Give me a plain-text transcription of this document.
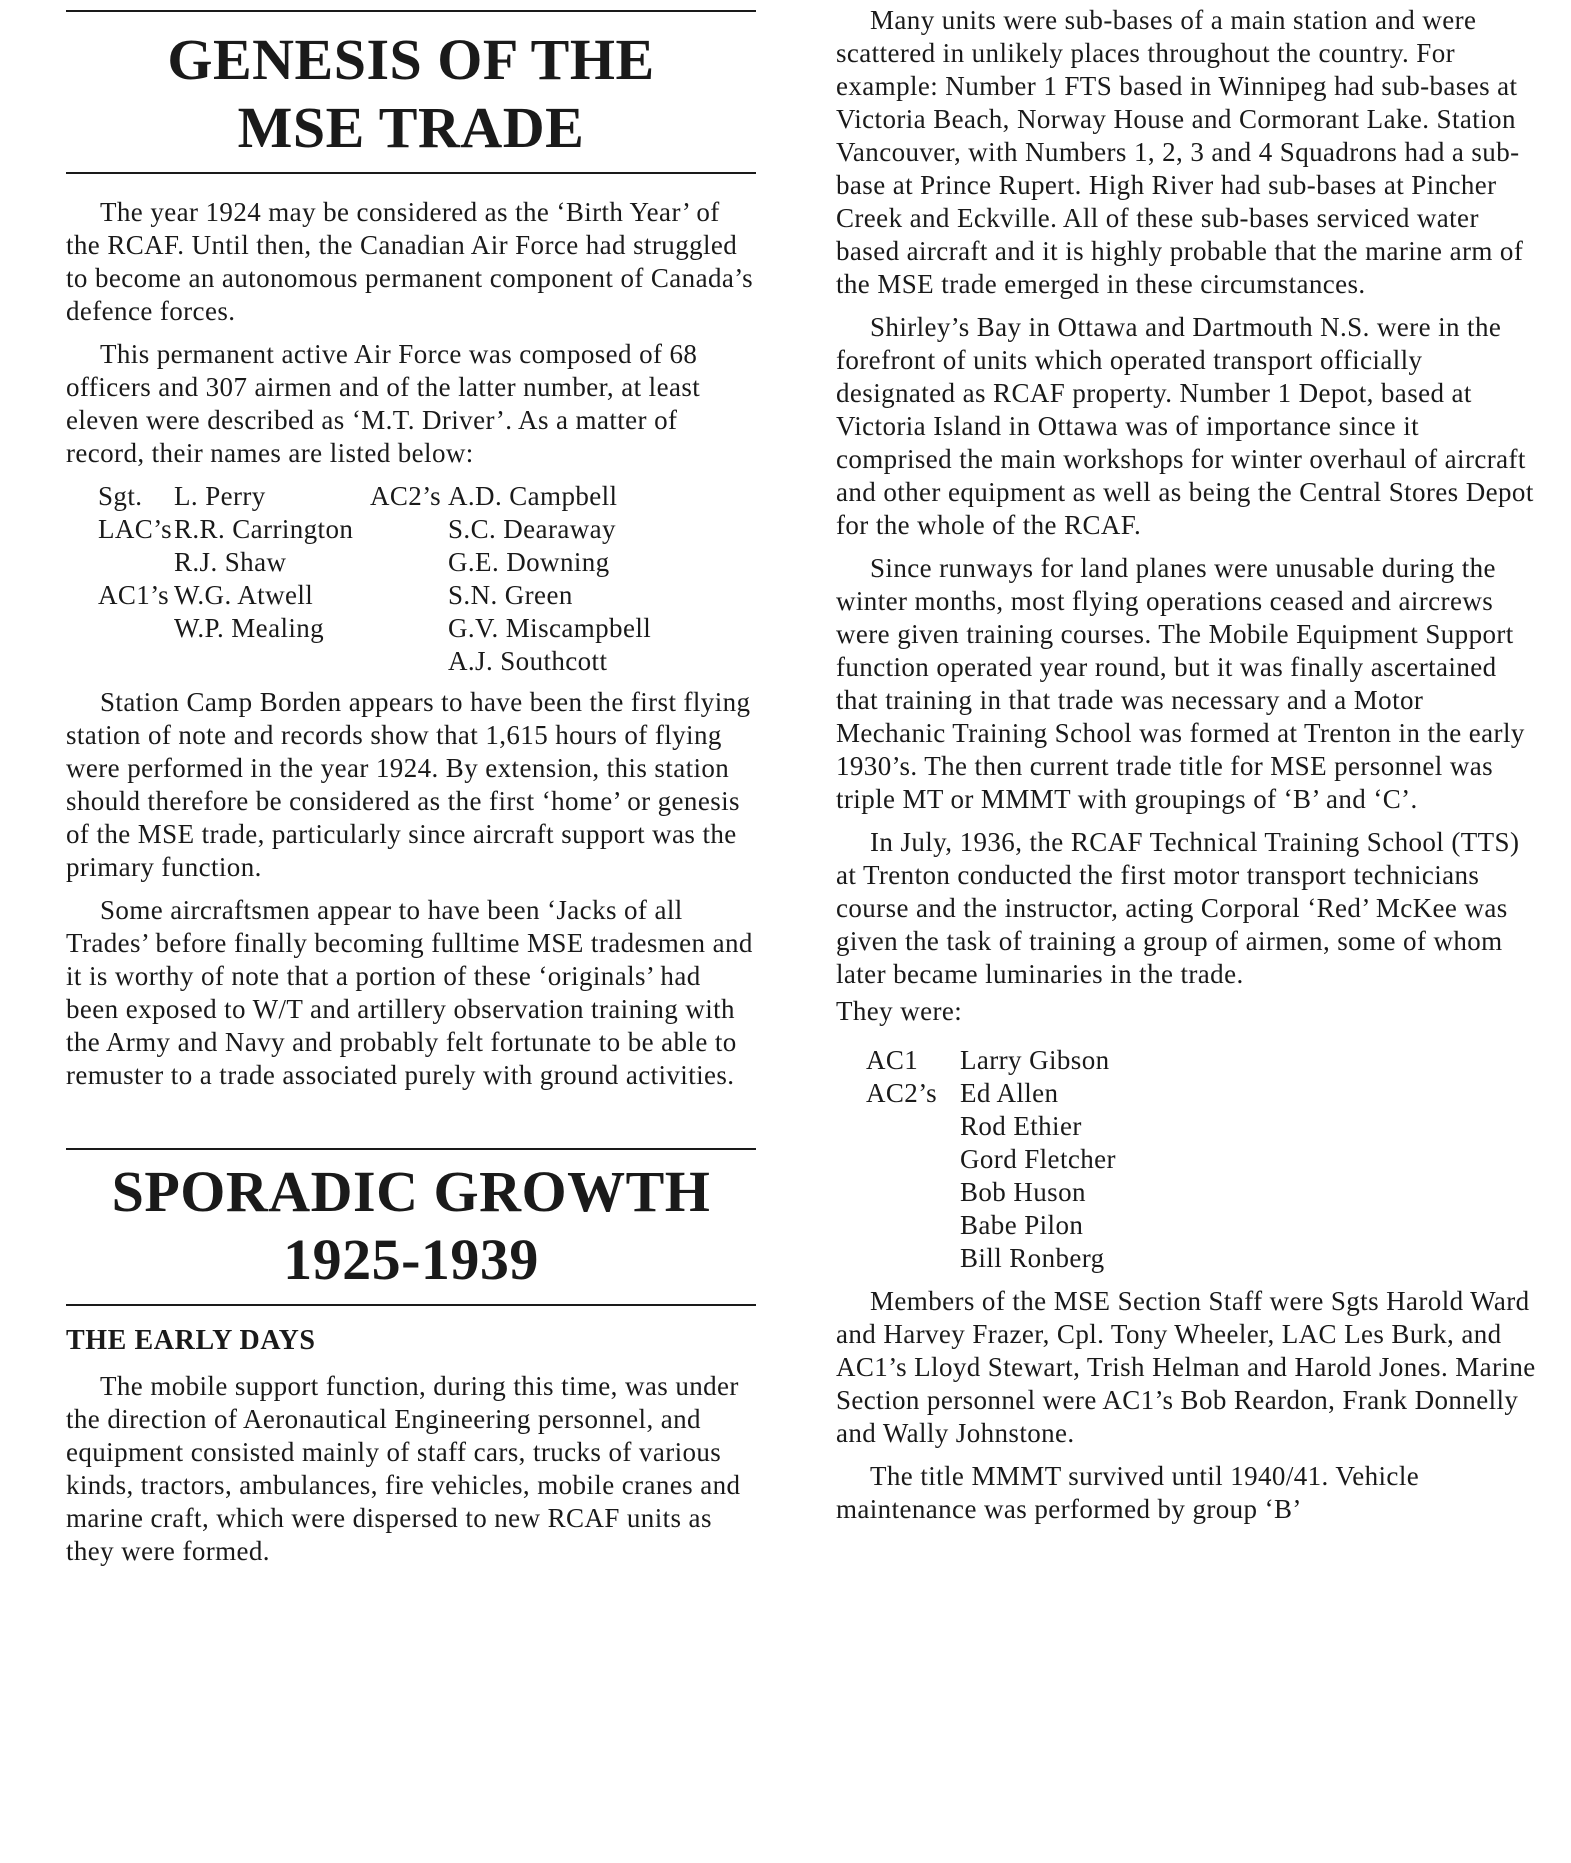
GENESIS OF THE
MSE TRADE

The year 1924 may be considered as the ‘Birth Year’ of the RCAF. Until then, the Canadian Air Force had struggled to become an autonomous permanent component of Canada’s defence forces.

This permanent active Air Force was composed of 68 officers and 307 airmen and of the latter number, at least eleven were described as ‘M.T. Driver’. As a matter of record, their names are listed below:

Sgt.	L. Perry	AC2’s	A.D. Campbell
LAC’s	R.R. Carrington		S.C. Dearaway
	R.J. Shaw		G.E. Downing
AC1’s	W.G. Atwell		S.N. Green
	W.P. Mealing		G.V. Miscampbell
			A.J. Southcott

Station Camp Borden appears to have been the first flying station of note and records show that 1,615 hours of flying were performed in the year 1924. By extension, this station should therefore be considered as the first ‘home’ or genesis of the MSE trade, particularly since aircraft support was the primary function.

Some aircraftsmen appear to have been ‘Jacks of all Trades’ before finally becoming fulltime MSE tradesmen and it is worthy of note that a portion of these ‘originals’ had been exposed to W/T and artillery observation training with the Army and Navy and probably felt fortunate to be able to remuster to a trade associated purely with ground activities.

SPORADIC GROWTH
1925-1939
THE EARLY DAYS

The mobile support function, during this time, was under the direction of Aeronautical Engineering personnel, and equipment consisted mainly of staff cars, trucks of various kinds, tractors, ambulances, fire vehicles, mobile cranes and marine craft, which were dispersed to new RCAF units as they were formed.

Many units were sub-bases of a main station and were scattered in unlikely places throughout the country. For example: Number 1 FTS based in Winnipeg had sub-bases at Victoria Beach, Norway House and Cormorant Lake. Station Vancouver, with Numbers 1, 2, 3 and 4 Squadrons had a sub-base at Prince Rupert. High River had sub-bases at Pincher Creek and Eckville. All of these sub-bases serviced water based aircraft and it is highly probable that the marine arm of the MSE trade emerged in these circumstances.

Shirley’s Bay in Ottawa and Dartmouth N.S. were in the forefront of units which operated transport officially designated as RCAF property. Number 1 Depot, based at Victoria Island in Ottawa was of importance since it comprised the main workshops for winter overhaul of aircraft and other equipment as well as being the Central Stores Depot for the whole of the RCAF.

Since runways for land planes were unusable during the winter months, most flying operations ceased and aircrews were given training courses. The Mobile Equipment Support function operated year round, but it was finally ascertained that training in that trade was necessary and a Motor Mechanic Training School was formed at Trenton in the early 1930’s. The then current trade title for MSE personnel was triple MT or MMMT with groupings of ‘B’ and ‘C’.

In July, 1936, the RCAF Technical Training School (TTS) at Trenton conducted the first motor transport technicians course and the instructor, acting Corporal ‘Red’ McKee was given the task of training a group of airmen, some of whom later became luminaries in the trade.

They were:

AC1	Larry Gibson
AC2’s	Ed Allen
	Rod Ethier
	Gord Fletcher
	Bob Huson
	Babe Pilon
	Bill Ronberg

Members of the MSE Section Staff were Sgts Harold Ward and Harvey Frazer, Cpl. Tony Wheeler, LAC Les Burk, and AC1’s Lloyd Stewart, Trish Helman and Harold Jones. Marine Section personnel were AC1’s Bob Reardon, Frank Donnelly and Wally Johnstone.

The title MMMT survived until 1940/41. Vehicle maintenance was performed by group ‘B’
